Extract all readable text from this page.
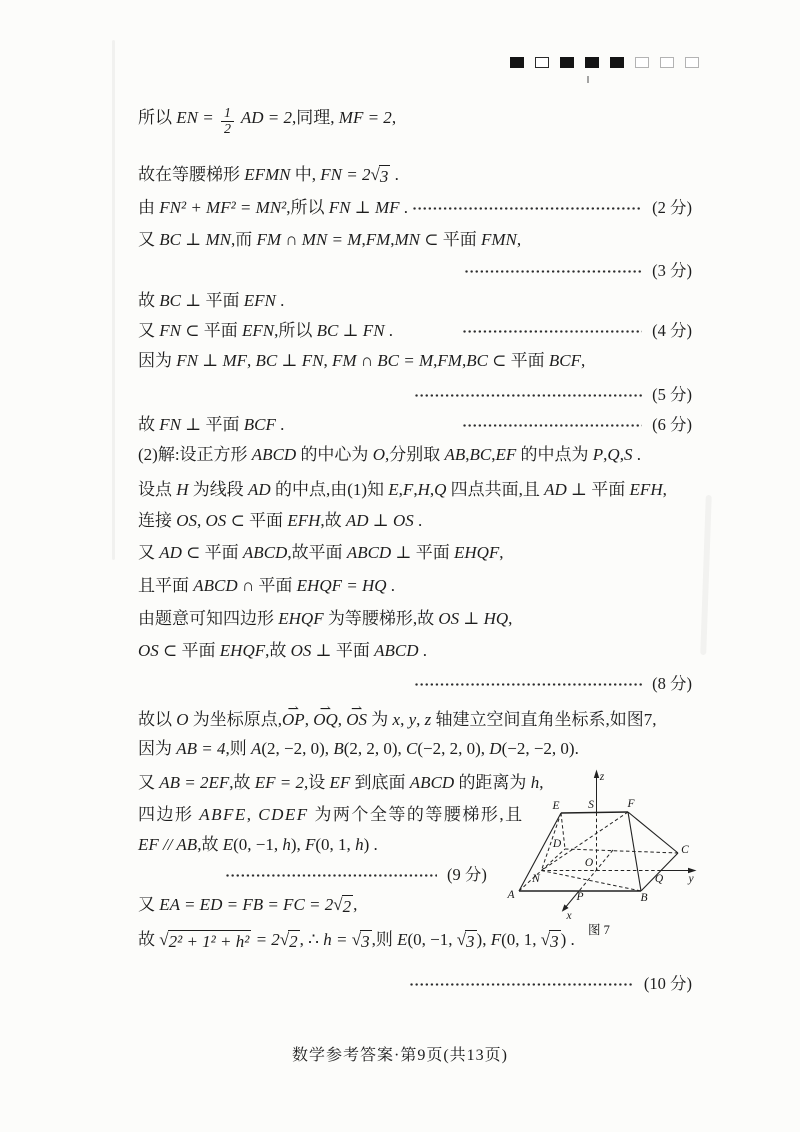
所以 EN = $\frac{1}{2}$ AD = 2 ,同理, MF = 2 ,
故在等腰梯形 EFMN 中, FN = 2 √ 3 .
由 FN² + MF² = MN² ,所以 FN ⊥ MF .	(2 分)
又 BC ⊥ MN ,而 FM ∩ MN = M , FM , MN ⊂ 平面 FMN ,
(3 分)
故 BC ⊥ 平面 EFN .
又 FN ⊂ 平面 EFN ,所以 BC ⊥ FN .	(4 分)
因为 FN ⊥ MF , BC ⊥ FN , FM ∩ BC = M , FM , BC ⊂ 平面 BCF ,
(5 分)
故 FN ⊥ 平面 BCF .	(6 分)
(2)解:设正方形 ABCD 的中心为 O ,分别取 AB , BC , EF 的中点为 P , Q , S .
设点 H 为线段 AD 的中点,由(1)知 E , F , H , Q 四点共面,且 AD ⊥ 平面 EFH ,
连接 OS , OS ⊂ 平面 EFH ,故 AD ⊥ OS .
又 AD ⊂ 平面 ABCD ,故平面 ABCD ⊥ 平面 EHQF ,
且平面 ABCD ∩ 平面 EHQF = HQ .
由题意可知四边形 EHQF 为等腰梯形,故 OS ⊥ HQ ,
OS ⊂ 平面 EHQF ,故 OS ⊥ 平面 ABCD .
(8 分)
故以 O 为坐标原点, OP ⇀ , OQ ⇀ , OS ⇀ 为 x , y , z 轴建立空间直角坐标系,如图7,
因为 AB = 4 ,则 A (2, −2, 0), B (2, 2, 0), C (−2, 2, 0), D (−2, −2, 0).
又 AB = 2EF ,故 EF = 2 ,设 EF 到底面 ABCD 的距离为 h ,
四边形 ABFE , CDEF 为两个全等的等腰梯形,且
EF // AB ,故 E (0, −1, h ), F (0, 1, h ) .
(9 分)
又 EA = ED = FB = FC = 2 √ 2 ,
故 √ 2² + 1² + h² = 2 √ 2 , ∴ h = √ 3 ,则 E (0, −1, √ 3 ), F (0, 1, √ 3 ) .
(10 分)
z
E S	F
D	C
O
N	Q y
A	P	B
x
图 7
数学参考答案·第9页(共13页)
